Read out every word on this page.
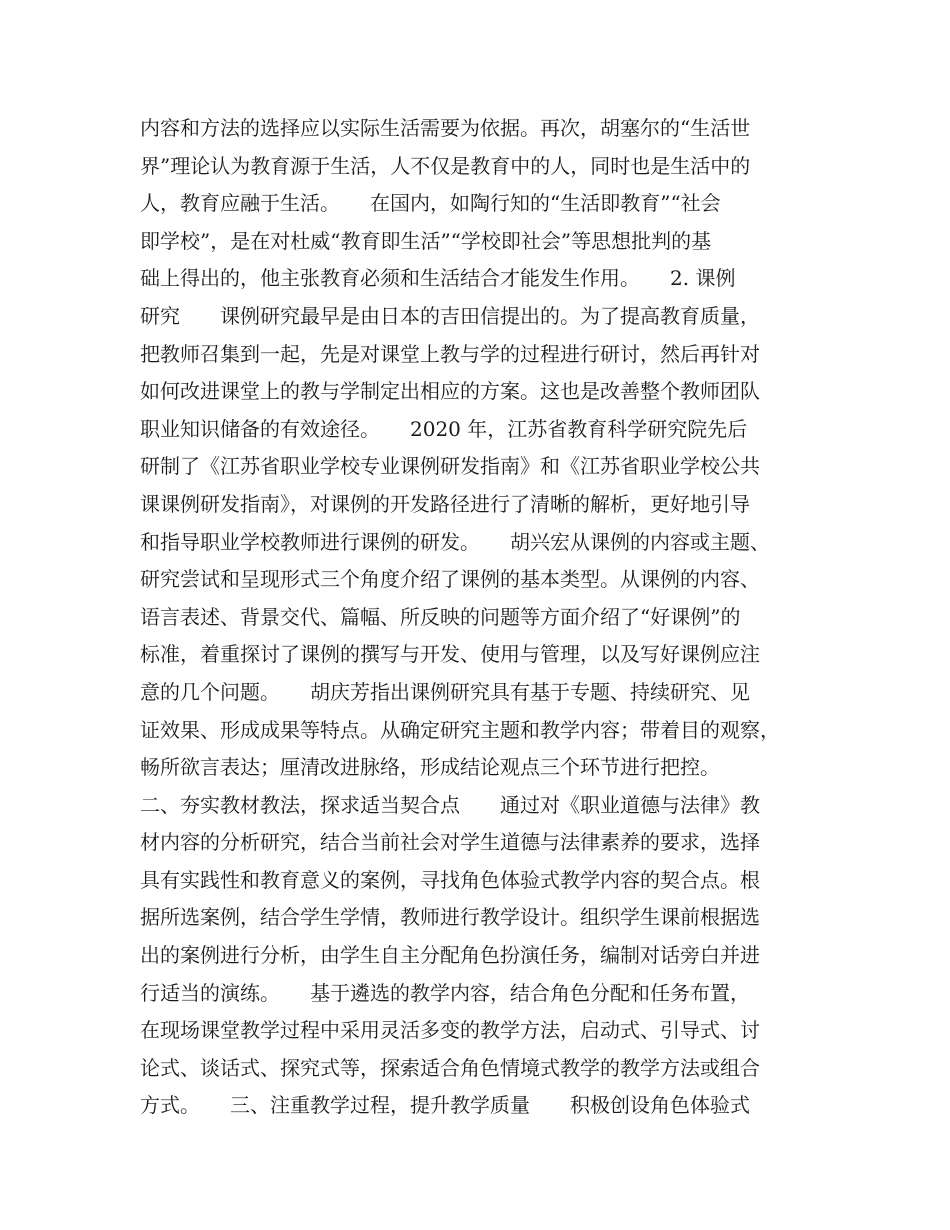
内容和方法的选择应以实际生活需要为依据。再次，胡塞尔的“生活世
界”理论认为教育源于生活，人不仅是教育中的人，同时也是生活中的
人，教育应融于生活。　　在国内，如陶行知的“生活即教育”“社会
即学校”，是在对杜威“教育即生活”“学校即社会”等思想批判的基
础上得出的，他主张教育必须和生活结合才能发生作用。　　2. 课例
研究　　课例研究最早是由日本的吉田信提出的。为了提高教育质量，
把教师召集到一起，先是对课堂上教与学的过程进行研讨，然后再针对
如何改进课堂上的教与学制定出相应的方案。这也是改善整个教师团队
职业知识储备的有效途径。　　2020 年，江苏省教育科学研究院先后
研制了《江苏省职业学校专业课例研发指南》和《江苏省职业学校公共
课课例研发指南》，对课例的开发路径进行了清晰的解析，更好地引导
和指导职业学校教师进行课例的研发。　　胡兴宏从课例的内容或主题、
研究尝试和呈现形式三个角度介绍了课例的基本类型。从课例的内容、
语言表述、背景交代、篇幅、所反映的问题等方面介绍了“好课例”的
标准，着重探讨了课例的撰写与开发、使用与管理，以及写好课例应注
意的几个问题。　　胡庆芳指出课例研究具有基于专题、持续研究、见
证效果、形成成果等特点。从确定研究主题和教学内容；带着目的观察，
畅所欲言表达；厘清改进脉络，形成结论观点三个环节进行把控。
二、夯实教材教法，探求适当契合点　　通过对《职业道德与法律》教
材内容的分析研究，结合当前社会对学生道德与法律素养的要求，选择
具有实践性和教育意义的案例，寻找角色体验式教学内容的契合点。根
据所选案例，结合学生学情，教师进行教学设计。组织学生课前根据选
出的案例进行分析，由学生自主分配角色扮演任务，编制对话旁白并进
行适当的演练。　　基于遴选的教学内容，结合角色分配和任务布置，
在现场课堂教学过程中采用灵活多变的教学方法，启动式、引导式、讨
论式、谈话式、探究式等，探索适合角色情境式教学的教学方法或组合
方式。　　三、注重教学过程，提升教学质量　　积极创设角色体验式
